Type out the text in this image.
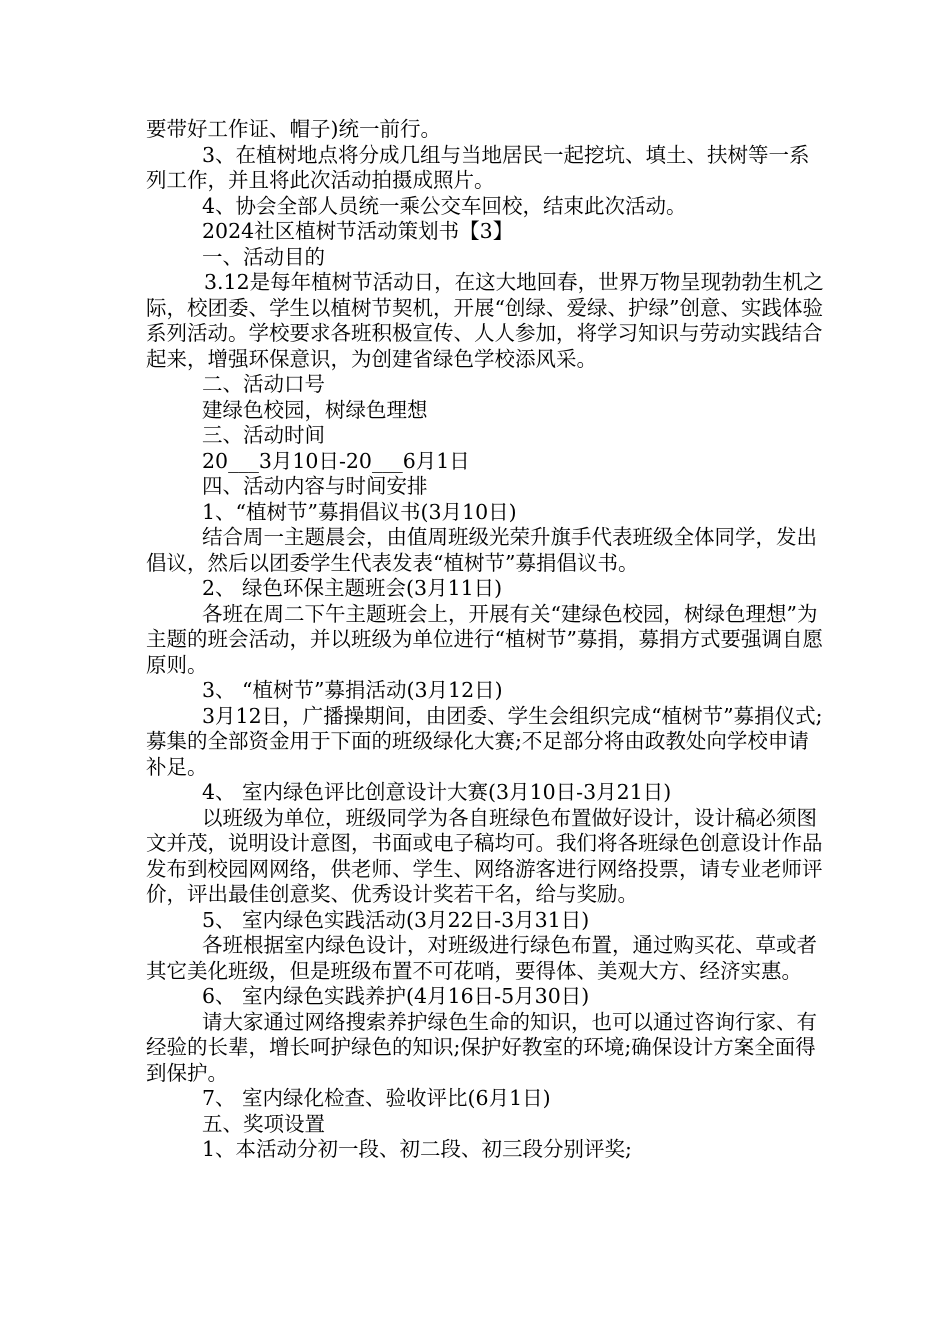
要带好工作证、帽子)统一前行。

3、在植树地点将分成几组与当地居民一起挖坑、填土、扶树等一系列工作，并且将此次活动拍摄成照片。

4、协会全部人员统一乘公交车回校，结束此次活动。

2024社区植树节活动策划书【3】

一、活动目的

3.12是每年植树节活动日，在这大地回春，世界万物呈现勃勃生机之际，校团委、学生以植树节契机，开展“创绿、爱绿、护绿”创意、实践体验系列活动。学校要求各班积极宣传、人人参加，将学习知识与劳动实践结合起来，增强环保意识，为创建省绿色学校添风采。

二、活动口号

建绿色校园，树绿色理想

三、活动时间

20___3月10日-20___6月1日

四、活动内容与时间安排

1、“植树节”募捐倡议书(3月10日)

结合周一主题晨会，由值周班级光荣升旗手代表班级全体同学，发出倡议，然后以团委学生代表发表“植树节”募捐倡议书。

2、 绿色环保主题班会(3月11日)

各班在周二下午主题班会上，开展有关“建绿色校园，树绿色理想”为主题的班会活动，并以班级为单位进行“植树节”募捐，募捐方式要强调自愿原则。

3、 “植树节”募捐活动(3月12日)

3月12日，广播操期间，由团委、学生会组织完成“植树节”募捐仪式;募集的全部资金用于下面的班级绿化大赛;不足部分将由政教处向学校申请补足。

4、 室内绿色评比创意设计大赛(3月10日-3月21日)

以班级为单位，班级同学为各自班绿色布置做好设计，设计稿必须图文并茂，说明设计意图，书面或电子稿均可。我们将各班绿色创意设计作品发布到校园网网络，供老师、学生、网络游客进行网络投票，请专业老师评价，评出最佳创意奖、优秀设计奖若干名，给与奖励。

5、 室内绿色实践活动(3月22日-3月31日)

各班根据室内绿色设计，对班级进行绿色布置，通过购买花、草或者其它美化班级，但是班级布置不可花哨，要得体、美观大方、经济实惠。

6、 室内绿色实践养护(4月16日-5月30日)

请大家通过网络搜索养护绿色生命的知识，也可以通过咨询行家、有经验的长辈，增长呵护绿色的知识;保护好教室的环境;确保设计方案全面得到保护。

7、 室内绿化检查、验收评比(6月1日)

五、奖项设置

1、本活动分初一段、初二段、初三段分别评奖;
